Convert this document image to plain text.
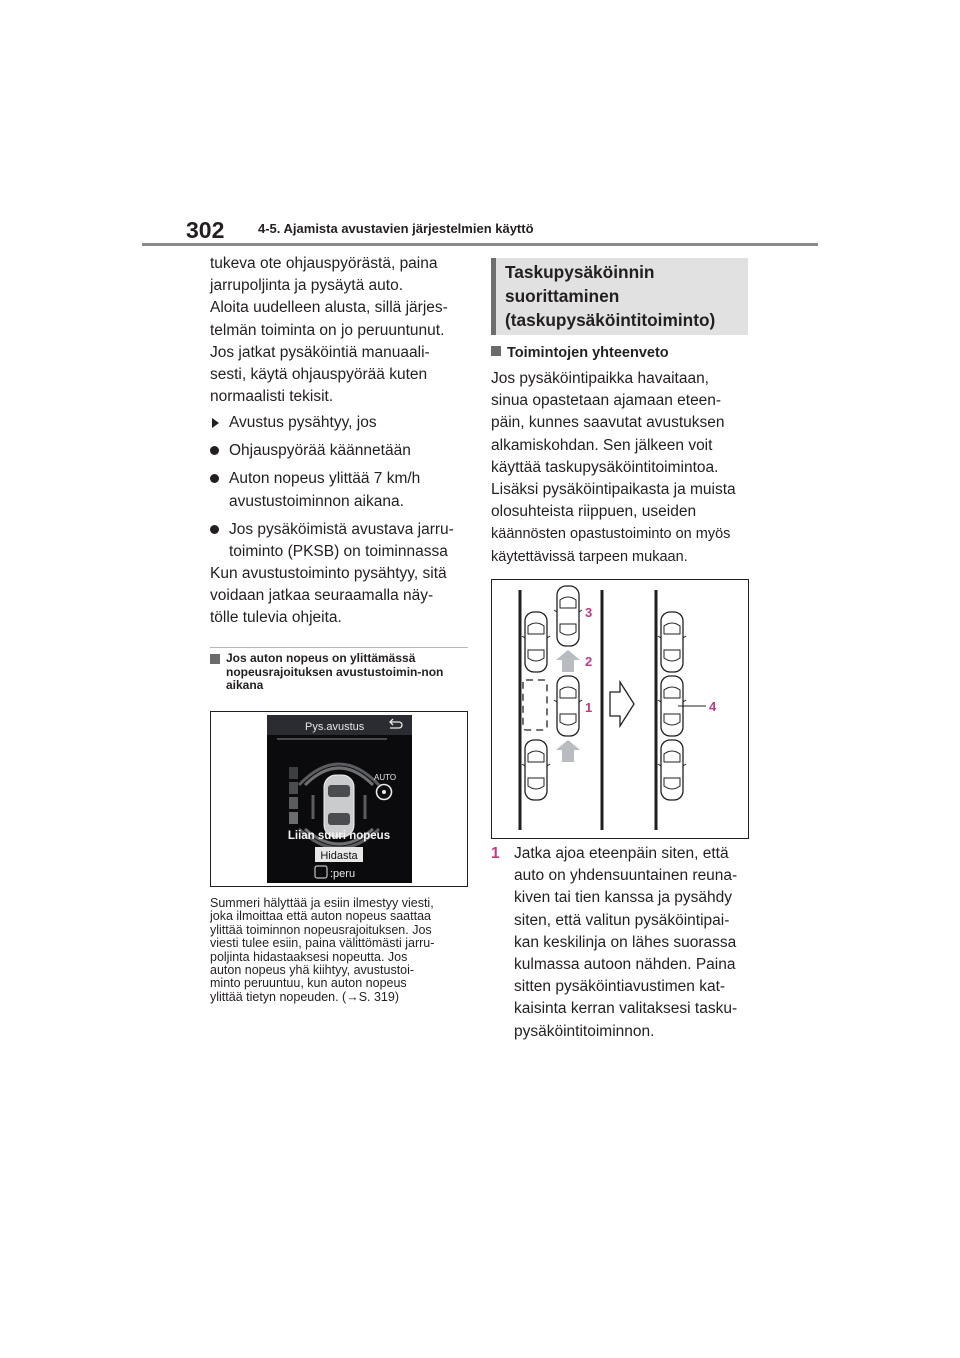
302	4-5. Ajamista avustavien järjestelmien käyttö

tukeva ote ohjauspyörästä, paina

jarrupoljinta ja pysäytä auto.

Aloita uudelleen alusta, sillä järjes-

telmän toiminta on jo peruuntunut.

Jos jatkat pysäköintiä manuaali-

sesti, käytä ohjauspyörää kuten

normaalisti tekisit.

Avustus pysähtyy, jos
Ohjauspyörää käännetään
Auton nopeus ylittää 7 km/h avustustoiminnon aikana.
Jos pysäköimistä avustava jarru-toiminto (PKSB) on toiminnassa

Kun avustustoiminto pysähtyy, sitä

voidaan jatkaa seuraamalla näy-

tölle tulevia ohjeita.

Jos auton nopeus on ylittämässä nopeusrajoituksen avustustoimin-non aikana
Pys.avustus
AUTO
Liian suuri nopeus
Hidasta
:peru
Summeri hälyttää ja esiin ilmestyy viesti,
joka ilmoittaa että auton nopeus saattaa
ylittää toiminnon nopeusrajoituksen. Jos
viesti tulee esiin, paina välittömästi jarru-
poljinta hidastaaksesi nopeutta. Jos
auton nopeus yhä kiihtyy, avustustoi-
minto peruuntuu, kun auton nopeus
ylittää tietyn nopeuden. (→S. 319)
Taskupysäköinnin
suorittaminen
(taskupysäköintitoiminto)
Toimintojen yhteenveto

Jos pysäköintipaikka havaitaan,

sinua opastetaan ajamaan eteen-

päin, kunnes saavutat avustuksen

alkamiskohdan. Sen jälkeen voit

käyttää taskupysäköintitoimintoa.

Lisäksi pysäköintipaikasta ja muista

olosuhteista riippuen, useiden

käännösten opastustoiminto on myös

käytettävissä tarpeen mukaan.

1
2
3
4
1 Jatka ajoa eteenpäin siten, että
auto on yhdensuuntainen reuna-
kiven tai tien kanssa ja pysähdy
siten, että valitun pysäköintipai-
kan keskilinja on lähes suorassa
kulmassa autoon nähden. Paina
sitten pysäköintiavustimen kat-
kaisinta kerran valitaksesi tasku-
pysäköintitoiminnon.
